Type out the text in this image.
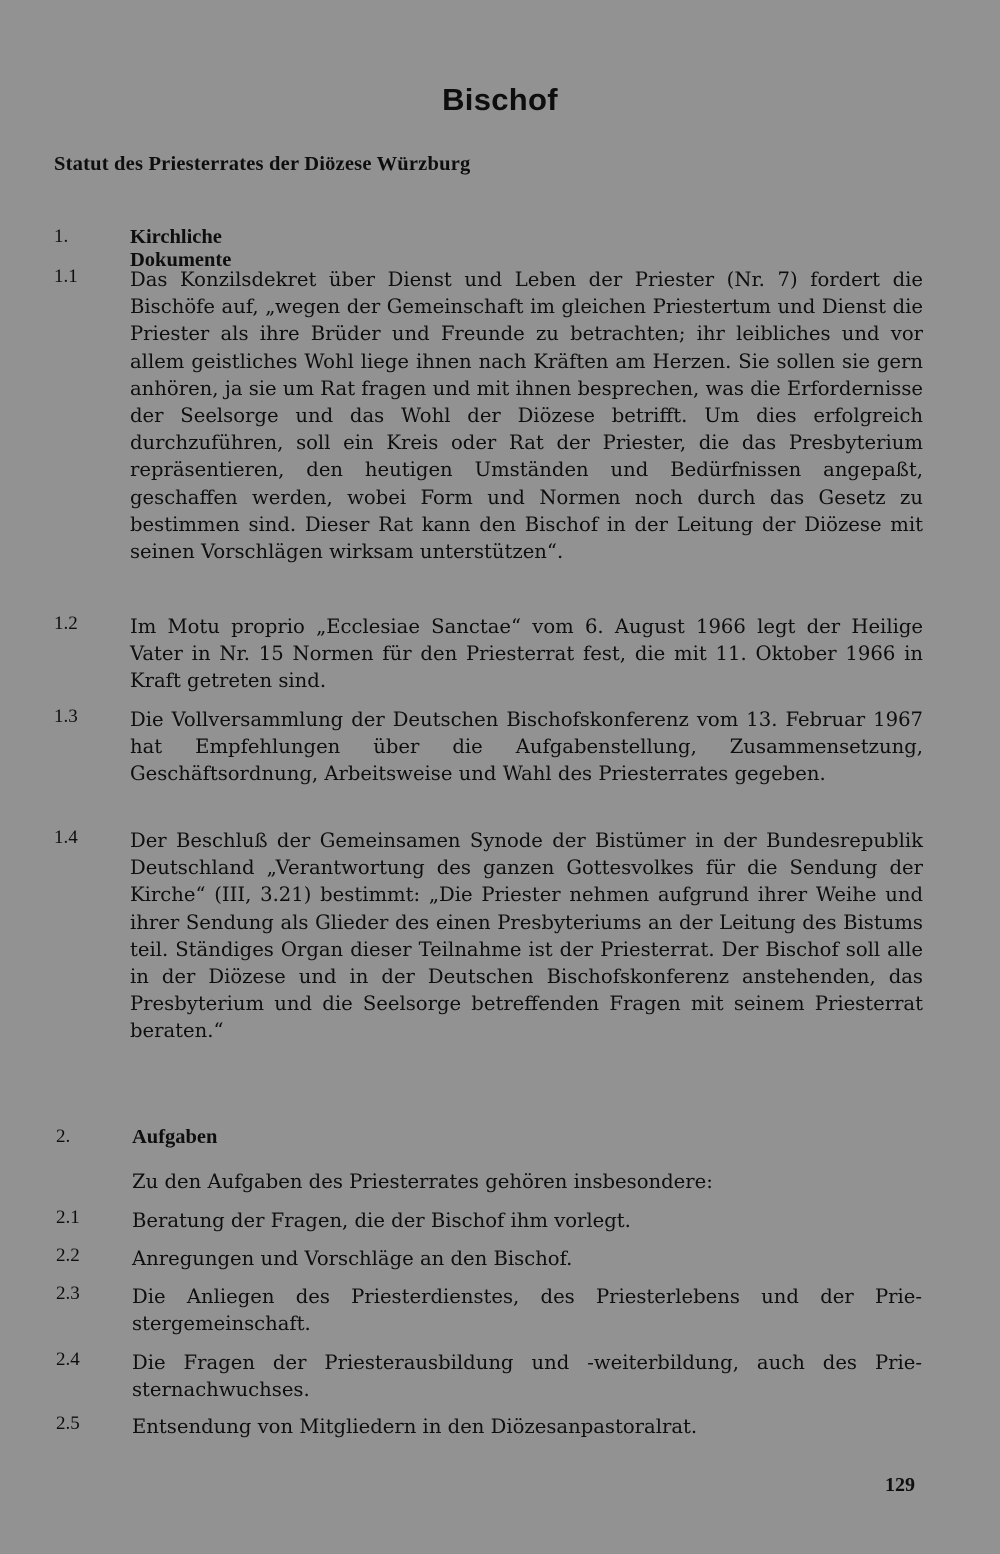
Bischof
Statut des Priesterrates der Diözese Würzburg
1.	Kirchliche Dokumente
1.1	Das Konzilsdekret über Dienst und Leben der Priester (Nr. 7) fordert die Bischöfe auf, „wegen der Gemeinschaft im gleichen Priestertum und Dienst die Priester als ihre Brüder und Freunde zu betrachten; ihr leibliches und vor allem geistliches Wohl liege ihnen nach Kräften am Herzen. Sie sollen sie gern anhören, ja sie um Rat fragen und mit ihnen besprechen, was die Erfordernisse der Seelsorge und das Wohl der Diözese betrifft. Um dies erfolgreich durchzuführen, soll ein Kreis oder Rat der Priester, die das Presbyterium repräsentieren, den heutigen Umständen und Bedürfnissen angepaßt, geschaffen werden, wobei Form und Normen noch durch das Gesetz zu bestimmen sind. Dieser Rat kann den Bischof in der Leitung der Diözese mit seinen Vorschlägen wirksam unterstützen“.
1.2	Im Motu proprio „Ecclesiae Sanctae“ vom 6. August 1966 legt der Heilige Vater in Nr. 15 Normen für den Priesterrat fest, die mit 11. Oktober 1966 in Kraft getreten sind.
1.3	Die Vollversammlung der Deutschen Bischofskonferenz vom 13. Februar 1967 hat Empfehlungen über die Aufgabenstellung, Zusammensetzung, Geschäftsordnung, Arbeitsweise und Wahl des Priesterrates gegeben.
1.4	Der Beschluß der Gemeinsamen Synode der Bistümer in der Bundesrepublik Deutschland „Verantwortung des ganzen Gottesvolkes für die Sendung der Kirche“ (III, 3.21) bestimmt: „Die Priester nehmen aufgrund ihrer Weihe und ihrer Sendung als Glieder des einen Presbyteriums an der Leitung des Bistums teil. Ständiges Organ dieser Teilnahme ist der Priesterrat. Der Bischof soll alle in der Diözese und in der Deutschen Bischofskonferenz anstehenden, das Presbyterium und die Seelsorge betreffenden Fragen mit seinem Priesterrat beraten.“
2.	Aufgaben
Zu den Aufgaben des Priesterrates gehören insbesondere:
2.1	Beratung der Fragen, die der Bischof ihm vorlegt.
2.2	Anregungen und Vorschläge an den Bischof.
2.3	Die Anliegen des Priesterdienstes, des Priesterlebens und der Priestergemeinschaft.
2.4	Die Fragen der Priesterausbildung und -weiterbildung, auch des Priesternachwuchses.
2.5	Entsendung von Mitgliedern in den Diözesanpastoralrat.
129
